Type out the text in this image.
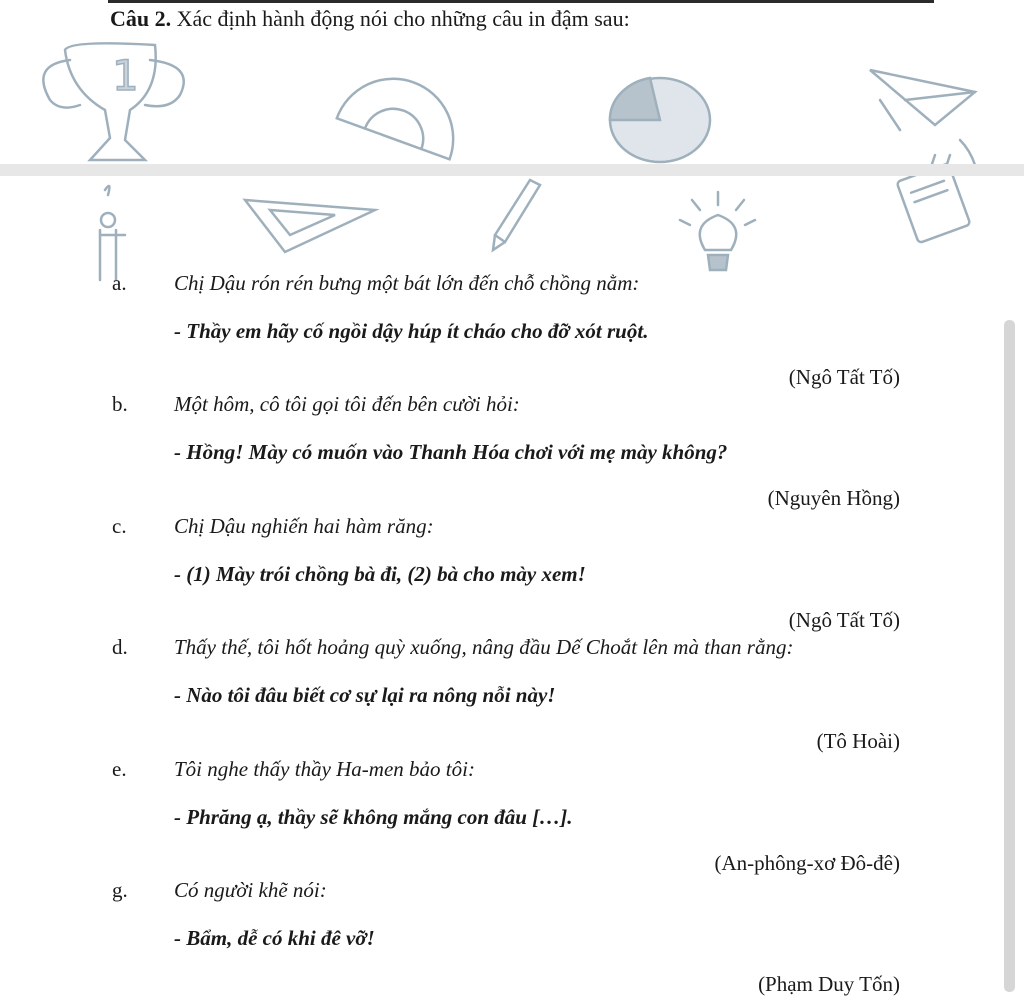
Câu 2. Xác định hành động nói cho những câu in đậm sau:
1
a. Chị Dậu rón rén bưng một bát lớn đến chỗ chồng nằm:
- Thầy em hãy cố ngồi dậy húp ít cháo cho đỡ xót ruột.
(Ngô Tất Tố)
b. Một hôm, cô tôi gọi tôi đến bên cười hỏi:
- Hồng! Mày có muốn vào Thanh Hóa chơi với mẹ mày không?
(Nguyên Hồng)
c. Chị Dậu nghiến hai hàm răng:
- (1) Mày trói chồng bà đi, (2) bà cho mày xem!
(Ngô Tất Tố)
d. Thấy thế, tôi hốt hoảng quỳ xuống, nâng đầu Dế Choắt lên mà than rằng:
- Nào tôi đâu biết cơ sự lại ra nông nỗi này!
(Tô Hoài)
e. Tôi nghe thấy thầy Ha-men bảo tôi:
- Phrăng ạ, thầy sẽ không mắng con đâu […].
(An-phông-xơ Đô-đê)
g. Có người khẽ nói:
- Bẩm, dễ có khi đê vỡ!
(Phạm Duy Tốn)
